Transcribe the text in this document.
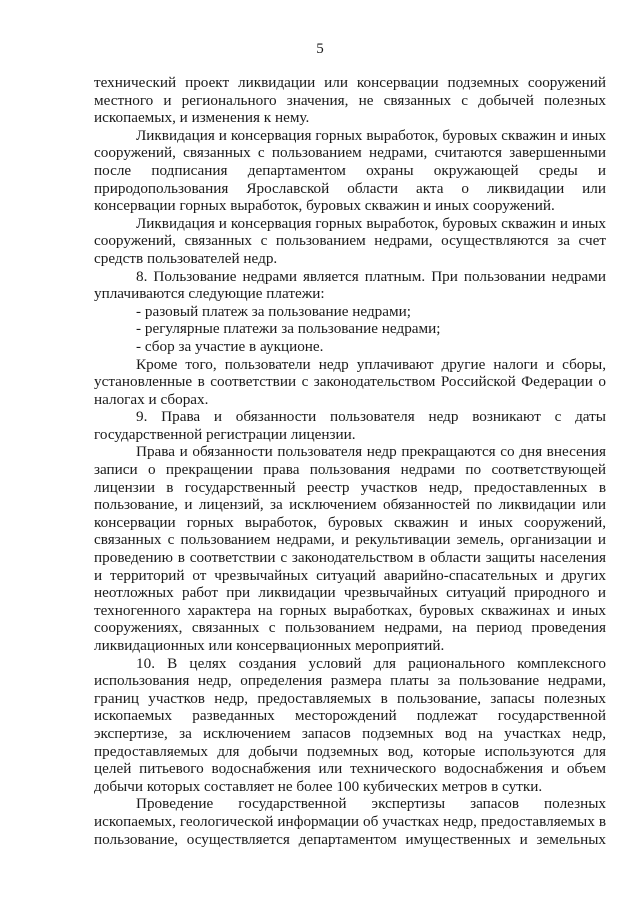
5

технический проект ликвидации или консервации подземных сооружений местного и регионального значения, не связанных с добычей полезных ископаемых, и изменения к нему.

Ликвидация и консервация горных выработок, буровых скважин и иных сооружений, связанных с пользованием недрами, считаются завершенными после подписания департаментом охраны окружающей среды и природопользования Ярославской области акта о ликвидации или консервации горных выработок, буровых скважин и иных сооружений.

Ликвидация и консервация горных выработок, буровых скважин и иных сооружений, связанных с пользованием недрами, осуществляются за счет средств пользователей недр.

8. Пользование недрами является платным. При пользовании недрами уплачиваются следующие платежи:

- разовый платеж за пользование недрами;

- регулярные платежи за пользование недрами;

- сбор за участие в аукционе.

Кроме того, пользователи недр уплачивают другие налоги и сборы, установленные в соответствии с законодательством Российской Федерации о налогах и сборах.

9. Права и обязанности пользователя недр возникают с даты государственной регистрации лицензии.

Права и обязанности пользователя недр прекращаются со дня внесения записи о прекращении права пользования недрами по соответствующей лицензии в государственный реестр участков недр, предоставленных в пользование, и лицензий, за исключением обязанностей по ликвидации или консервации горных выработок, буровых скважин и иных сооружений, связанных с пользованием недрами, и рекультивации земель, организации и проведению в соответствии с законодательством в области защиты населения и территорий от чрезвычайных ситуаций аварийно-спасательных и других неотложных работ при ликвидации чрезвычайных ситуаций природного и техногенного характера на горных выработках, буровых скважинах и иных сооружениях, связанных с пользованием недрами, на период проведения ликвидационных или консервационных мероприятий.

10. В целях создания условий для рационального комплексного использования недр, определения размера платы за пользование недрами, границ участков недр, предоставляемых в пользование, запасы полезных ископаемых разведанных месторождений подлежат государственной экспертизе, за исключением запасов подземных вод на участках недр, предоставляемых для добычи подземных вод, которые используются для целей питьевого водоснабжения или технического водоснабжения и объем добычи которых составляет не более 100 кубических метров в сутки.

Проведение государственной экспертизы запасов полезных ископаемых, геологической информации об участках недр, предоставляемых в пользование, осуществляется департаментом имущественных и земельных
